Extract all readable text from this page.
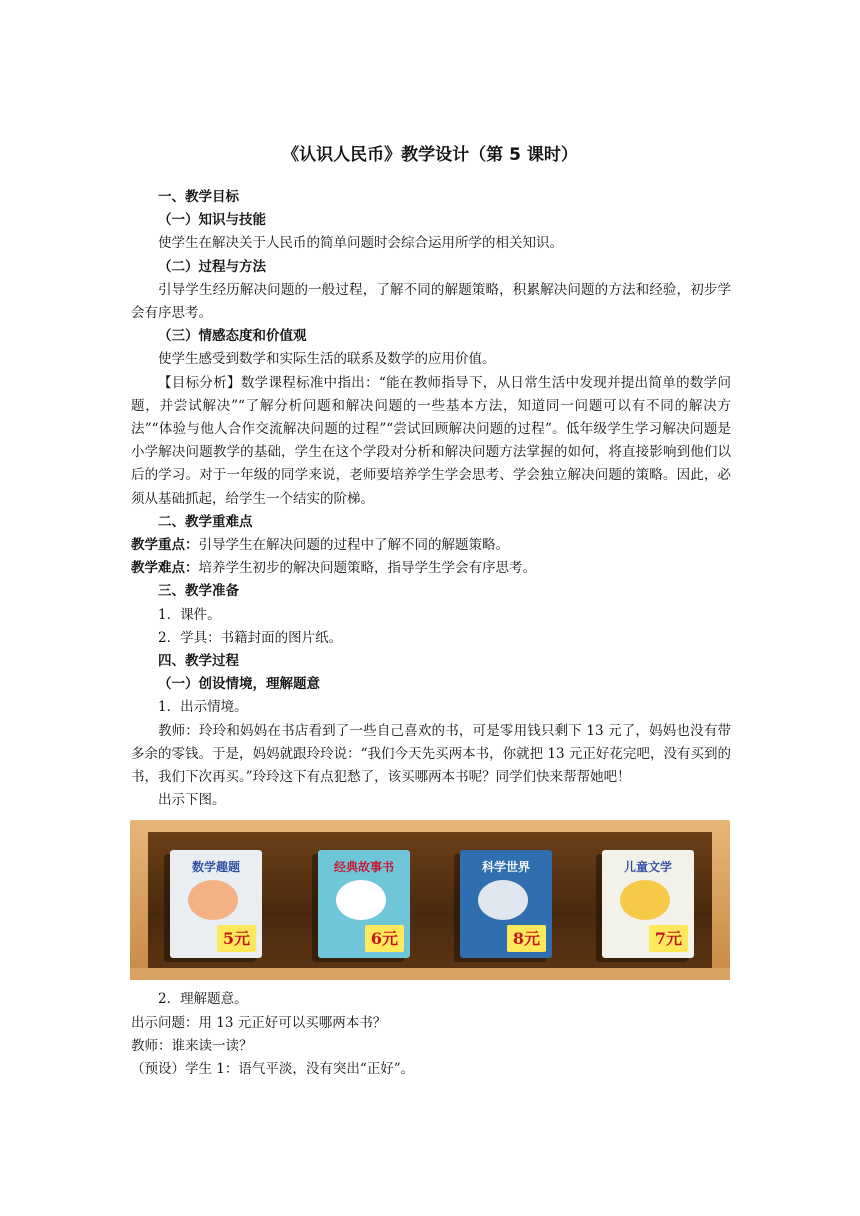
《认识人民币》教学设计（第 5 课时）

一、教学目标

（一）知识与技能

使学生在解决关于人民币的简单问题时会综合运用所学的相关知识。

（二）过程与方法

引导学生经历解决问题的一般过程，了解不同的解题策略，积累解决问题的方法和经验，初步学会有序思考。

（三）情感态度和价值观

使学生感受到数学和实际生活的联系及数学的应用价值。

【目标分析】数学课程标准中指出：“能在教师指导下，从日常生活中发现并提出简单的数学问题，并尝试解决”“了解分析问题和解决问题的一些基本方法，知道同一问题可以有不同的解决方法”“体验与他人合作交流解决问题的过程”“尝试回顾解决问题的过程”。低年级学生学习解决问题是小学解决问题教学的基础，学生在这个学段对分析和解决问题方法掌握的如何，将直接影响到他们以后的学习。对于一年级的同学来说，老师要培养学生学会思考、学会独立解决问题的策略。因此，必须从基础抓起，给学生一个结实的阶梯。

二、教学重难点

教学重点：引导学生在解决问题的过程中了解不同的解题策略。

教学难点：培养学生初步的解决问题策略，指导学生学会有序思考。

三、教学准备

1．课件。

2．学具：书籍封面的图片纸。

四、教学过程

（一）创设情境，理解题意

1．出示情境。

教师：玲玲和妈妈在书店看到了一些自己喜欢的书，可是零用钱只剩下 13 元了，妈妈也没有带多余的零钱。于是，妈妈就跟玲玲说：“我们今天先买两本书，你就把 13 元正好花完吧，没有买到的书，我们下次再买。”玲玲这下有点犯愁了，该买哪两本书呢？同学们快来帮帮她吧！

出示下图。

数学趣题
5元
经典故事书
6元
科学世界
8元
儿童文学
7元

2．理解题意。

出示问题：用 13 元正好可以买哪两本书？

教师：谁来读一读？

（预设）学生 1：语气平淡，没有突出“正好”。
